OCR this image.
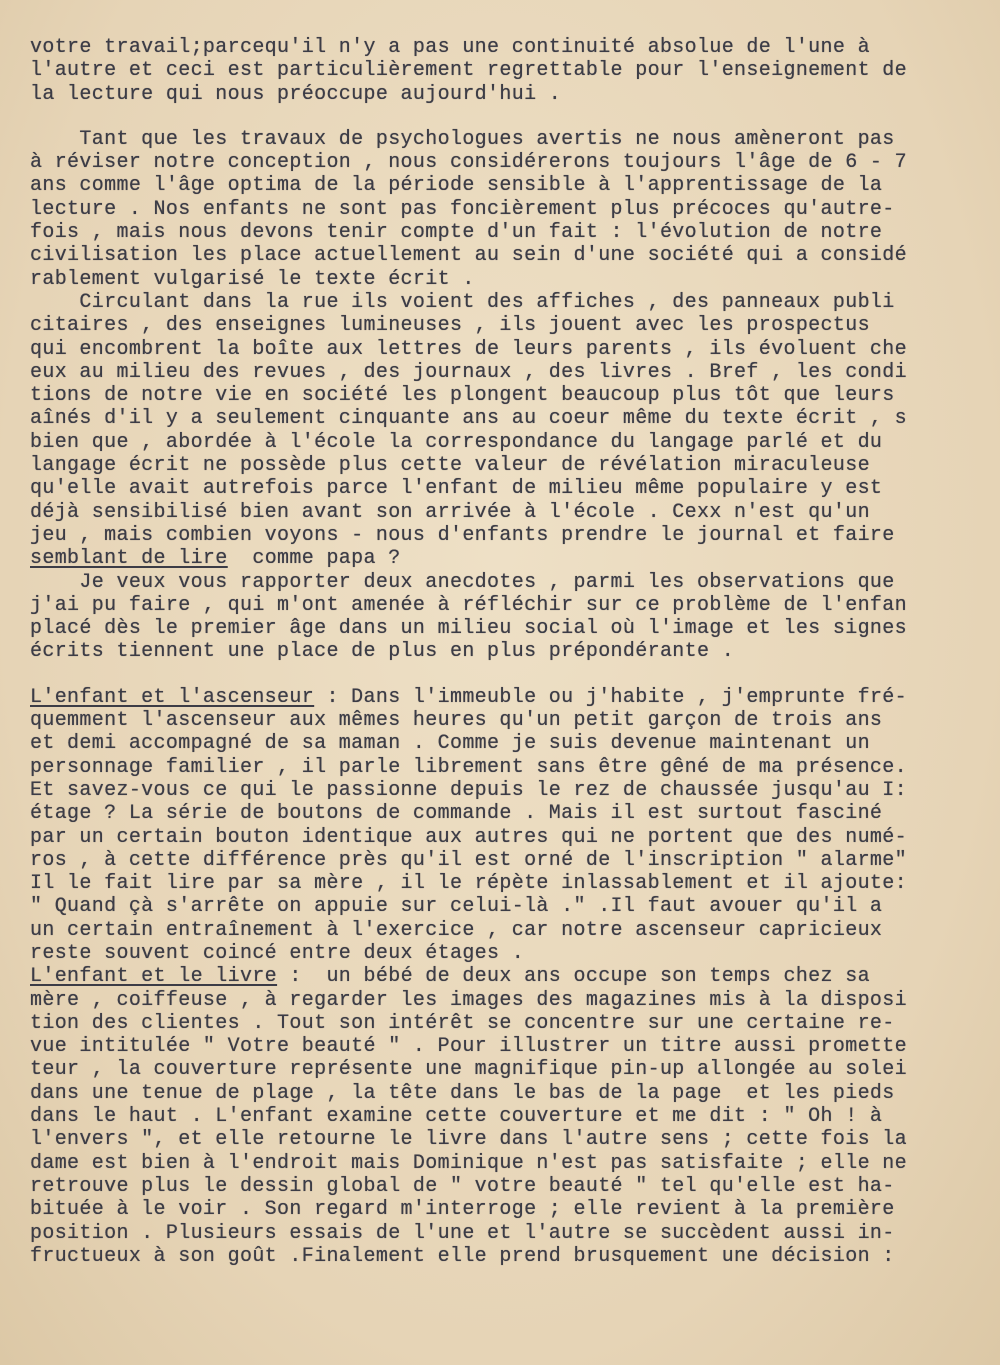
votre travail;parcequ'il n'y a pas une continuité absolue de l'une à
l'autre et ceci est particulièrement regrettable pour l'enseignement de
la lecture qui nous préoccupe aujourd'hui .
Tant que les travaux de psychologues avertis ne nous amèneront pas
à réviser notre conception , nous considérerons toujours l'âge de 6 - 7
ans comme l'âge optima de la période sensible à l'apprentissage de la
lecture . Nos enfants ne sont pas foncièrement plus précoces qu'autre-
fois , mais nous devons tenir compte d'un fait : l'évolution de notre
civilisation les place actuellement au sein d'une société qui a considé
rablement vulgarisé le texte écrit .
Circulant dans la rue ils voient des affiches , des panneaux publi
citaires , des enseignes lumineuses , ils jouent avec les prospectus
qui encombrent la boîte aux lettres de leurs parents , ils évoluent che
eux au milieu des revues , des journaux , des livres . Bref , les condi
tions de notre vie en société les plongent beaucoup plus tôt que leurs
aînés d'il y a seulement cinquante ans au coeur même du texte écrit , s
bien que , abordée à l'école la correspondance du langage parlé et du
langage écrit ne possède plus cette valeur de révélation miraculeuse
qu'elle avait autrefois parce l'enfant de milieu même populaire y est
déjà sensibilisé bien avant son arrivée à l'école . Cexx n'est qu'un
jeu , mais combien voyons - nous d'enfants prendre le journal et faire
semblant de lire  comme papa ?
Je veux vous rapporter deux anecdotes , parmi les observations que
j'ai pu faire , qui m'ont amenée à réfléchir sur ce problème de l'enfan
placé dès le premier âge dans un milieu social où l'image et les signes
écrits tiennent une place de plus en plus prépondérante .
L'enfant et l'ascenseur : Dans l'immeuble ou j'habite , j'emprunte fré-
quemment l'ascenseur aux mêmes heures qu'un petit garçon de trois ans
et demi accompagné de sa maman . Comme je suis devenue maintenant un
personnage familier , il parle librement sans être gêné de ma présence.
Et savez-vous ce qui le passionne depuis le rez de chaussée jusqu'au I:
étage ? La série de boutons de commande . Mais il est surtout fasciné
par un certain bouton identique aux autres qui ne portent que des numé-
ros , à cette différence près qu'il est orné de l'inscription " alarme"
Il le fait lire par sa mère , il le répète inlassablement et il ajoute:
" Quand çà s'arrête on appuie sur celui-là ." .Il faut avouer qu'il a
un certain entraînement à l'exercice , car notre ascenseur capricieux
reste souvent coincé entre deux étages .
L'enfant et le livre :  un bébé de deux ans occupe son temps chez sa
mère , coiffeuse , à regarder les images des magazines mis à la disposi
tion des clientes . Tout son intérêt se concentre sur une certaine re-
vue intitulée " Votre beauté " . Pour illustrer un titre aussi promette
teur , la couverture représente une magnifique pin-up allongée au solei
dans une tenue de plage , la tête dans le bas de la page  et les pieds
dans le haut . L'enfant examine cette couverture et me dit : " Oh ! à
l'envers ", et elle retourne le livre dans l'autre sens ; cette fois la
dame est bien à l'endroit mais Dominique n'est pas satisfaite ; elle ne
retrouve plus le dessin global de " votre beauté " tel qu'elle est ha-
bituée à le voir . Son regard m'interroge ; elle revient à la première
position . Plusieurs essais de l'une et l'autre se succèdent aussi in-
fructueux à son goût .Finalement elle prend brusquement une décision :
